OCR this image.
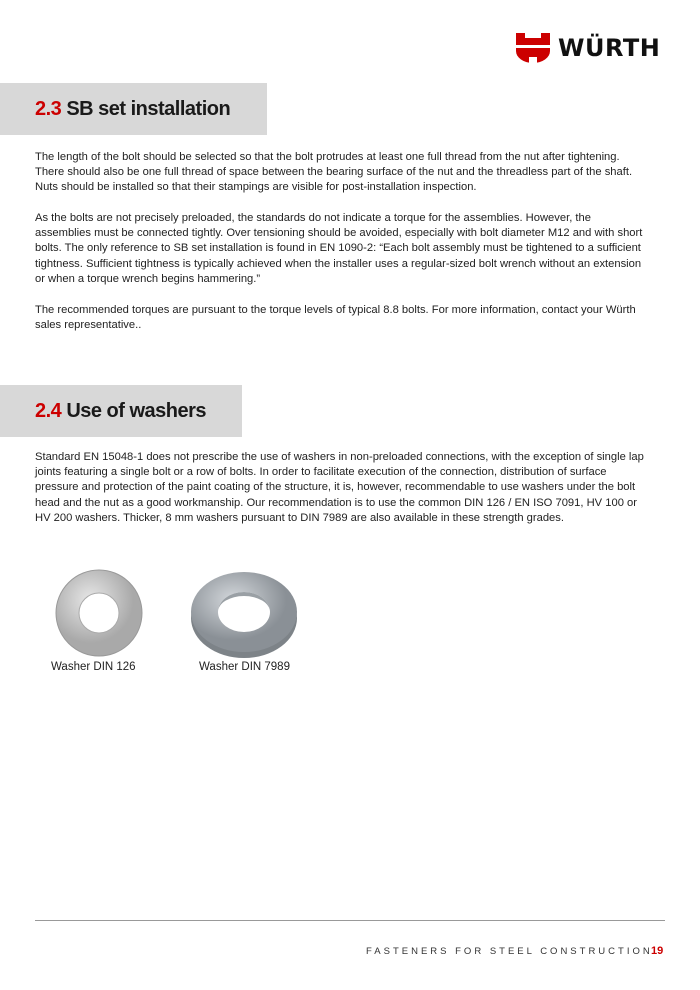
WÜRTH
2.3 SB set installation

The length of the bolt should be selected so that the bolt protrudes at least one full thread from the nut after tightening. There should also be one full thread of space between the bearing surface of the nut and the threadless part of the shaft. Nuts should be installed so that their stampings are visible for post-installation inspection.

As the bolts are not precisely preloaded, the standards do not indicate a torque for the assemblies. However, the assemblies must be connected tightly. Over tensioning should be avoided, especially with bolt diameter M12 and with short bolts. The only reference to SB set installation is found in EN 1090-2: “Each bolt assembly must be tightened to a sufficient tightness. Sufficient tightness is typically achieved when the installer uses a regular-sized bolt wrench without an extension or when a torque wrench begins hammering.”

The recommended torques are pursuant to the torque levels of typical 8.8 bolts. For more information, contact your Würth sales representative..

2.4 Use of washers

Standard EN 15048-1 does not prescribe the use of washers in non-preloaded connections, with the exception of single lap joints featuring a single bolt or a row of bolts. In order to facilitate execution of the connection, distribution of surface pressure and protection of the paint coating of the structure, it is, however, recommendable to use washers under the bolt head and the nut as a good workmanship. Our recommendation is to use the common DIN 126 / EN ISO 7091, HV 100 or HV 200 washers. Thicker, 8 mm washers pursuant to DIN 7989 are also available in these strength grades.

Washer DIN 126	Washer DIN 7989
FASTENERS FOR STEEL CONSTRUCTION
19
